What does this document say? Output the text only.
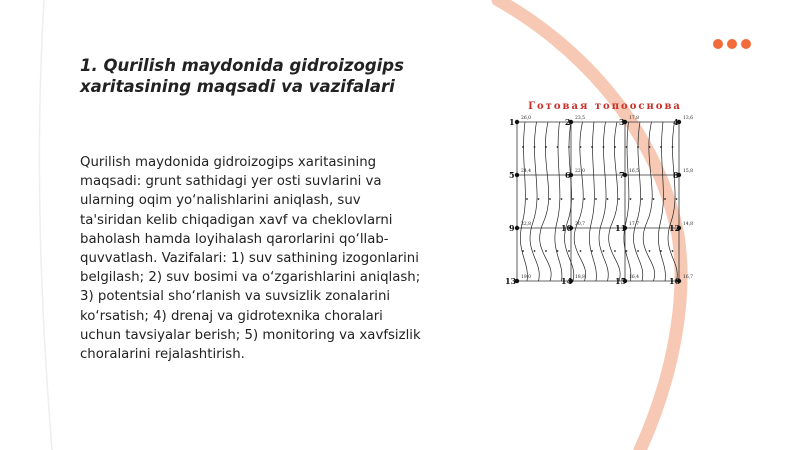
1. Qurilish maydonida gidroizogips xaritasining maqsadi va vazifalari

Qurilish maydonida gidroizogips xaritasining maqsadi: grunt sathidagi yer osti suvlarini va ularning oqim yo‘nalishlarini aniqlash, suv ta'siridan kelib chiqadigan xavf va cheklovlarni baholash hamda loyihalash qarorlarini qo‘llab-quvvatlash. Vazifalari: 1) suv sathining izogonlarini belgilash; 2) suv bosimi va o‘zgarishlarini aniqlash; 3) potentsial sho‘rlanish va suvsizlik zonalarini ko‘rsatish; 4) drenaj va gidrotexnika choralari uchun tavsiyalar berish; 5) monitoring va xavfsizlik choralarini rejalashtirish.

Готовая топооснова
1 26,0	2 23,5	3 17,8	4 13,6
5 24,4	6 22,0	7 16,5	8 15,8
9 22,8	10 20,7	11 17,7	12 14,8
13 19,0	14 18,8	15 16,4	16 16,7
